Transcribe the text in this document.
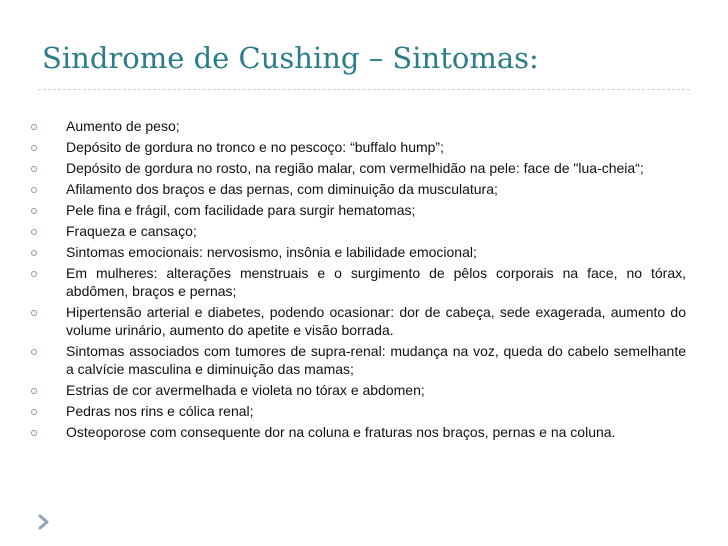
Sindrome de Cushing – Sintomas:
Aumento de peso;
Depósito de gordura no tronco e no pescoço: “buffalo hump”;
Depósito de gordura no rosto, na região malar, com vermelhidão na pele: face de "lua-cheia“;
Afilamento dos braços e das pernas, com diminuição da musculatura;
Pele fina e frágil, com facilidade para surgir hematomas;
Fraqueza e cansaço;
Sintomas emocionais: nervosismo, insônia e labilidade emocional;
Em mulheres: alterações menstruais e o surgimento de pêlos corporais na face, no tórax, abdômen, braços e pernas;
Hipertensão arterial e diabetes, podendo ocasionar: dor de cabeça, sede exagerada, aumento do volume urinário, aumento do apetite e visão borrada.
Sintomas associados com tumores de supra-renal: mudança na voz, queda do cabelo semelhante a calvície masculina e diminuição das mamas;
Estrias de cor avermelhada e violeta no tórax e abdomen;
Pedras nos rins e cólica renal;
Osteoporose com consequente dor na coluna e fraturas nos braços, pernas e na coluna.
